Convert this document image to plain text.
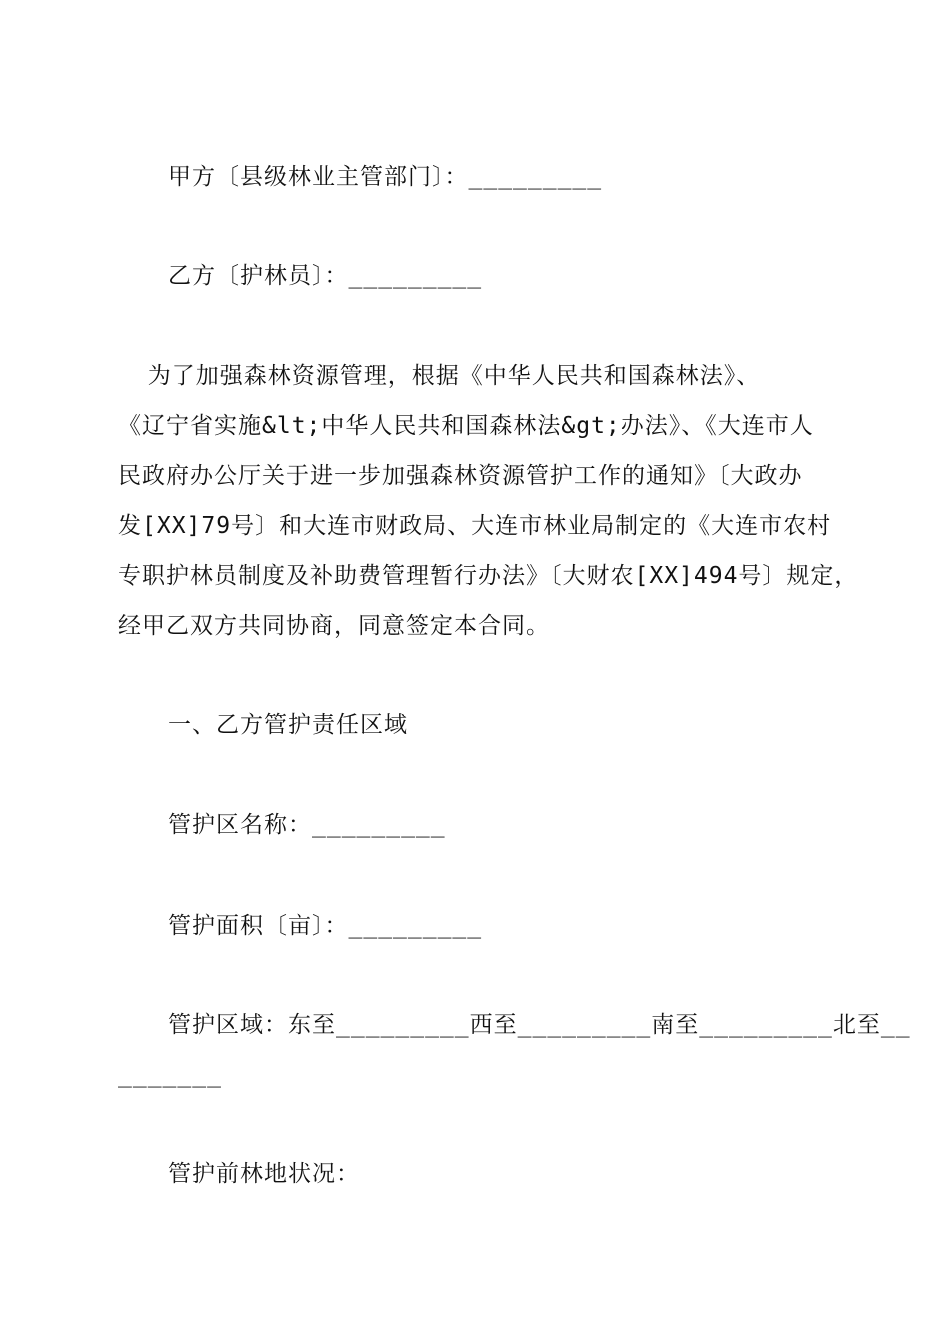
甲方〔县级林业主管部门〕：_________
乙方〔护林员〕：_________
为了加强森林资源管理，根据《中华人民共和国森林法》、
《辽宁省实施&lt;中华人民共和国森林法&gt;办法》、《大连市人
民政府办公厅关于进一步加强森林资源管护工作的通知》〔大政办
发[XX]79号〕和大连市财政局、大连市林业局制定的《大连市农村
专职护林员制度及补助费管理暂行办法》〔大财农[XX]494号〕规定，
经甲乙双方共同协商，同意签定本合同。
一、乙方管护责任区域
管护区名称：_________
管护面积〔亩〕：_________
管护区域：东至_________西至_________南至_________北至__
_______
管护前林地状况：
